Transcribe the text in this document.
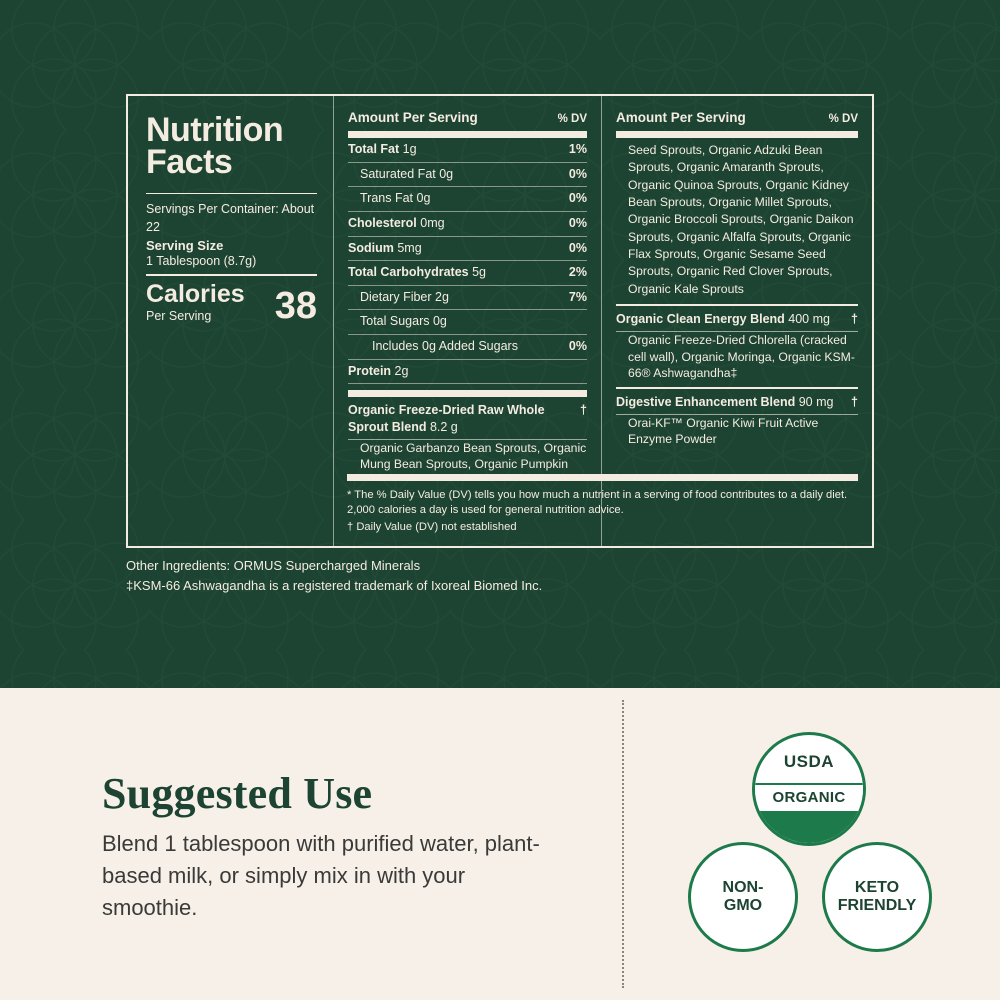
Nutrition
Facts
Servings Per Container: About 22
Serving Size
1 Tablespoon (8.7g)
Calories
Per Serving	38
Amount Per Serving	% DV
Total Fat 1g	1%
Saturated Fat 0g	0%
Trans Fat 0g	0%
Cholesterol 0mg	0%
Sodium 5mg	0%
Total Carbohydrates 5g	2%
Dietary Fiber 2g	7%
Total Sugars 0g
Includes 0g Added Sugars	0%
Protein 2g
Organic Freeze-Dried Raw Whole Sprout Blend 8.2 g
†
Organic Garbanzo Bean Sprouts, Organic Mung Bean Sprouts, Organic Pumpkin
Amount Per Serving	% DV
Seed Sprouts, Organic Adzuki Bean Sprouts, Organic Amaranth Sprouts, Organic Quinoa Sprouts, Organic Kidney Bean Sprouts, Organic Millet Sprouts, Organic Broccoli Sprouts, Organic Daikon Sprouts, Organic Alfalfa Sprouts, Organic Flax Sprouts, Organic Sesame Seed Sprouts, Organic Red Clover Sprouts, Organic Kale Sprouts
Organic Clean Energy Blend 400 mg †
Organic Freeze-Dried Chlorella (cracked cell wall), Organic Moringa, Organic KSM-66® Ashwagandha‡
Digestive Enhancement Blend 90 mg †
Orai-KF™ Organic Kiwi Fruit Active Enzyme Powder

* The % Daily Value (DV) tells you how much a nutrient in a serving of food contributes to a daily diet. 2,000 calories a day is used for general nutrition advice.

† Daily Value (DV) not established

Other Ingredients: ORMUS Supercharged Minerals
‡KSM-66 Ashwagandha is a registered trademark of Ixoreal Biomed Inc.
Suggested Use
Blend 1 tablespoon with purified water, plant-based milk, or simply mix in with your smoothie.
USDA
ORGANIC
NON-
GMO
KETO
FRIENDLY
